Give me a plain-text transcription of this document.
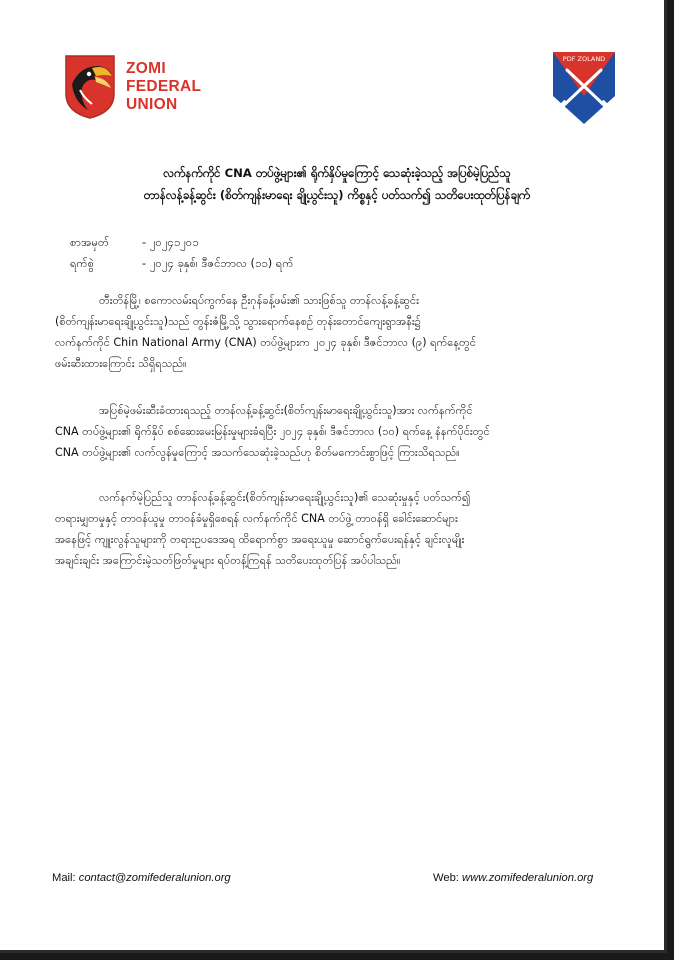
ZOMI
FEDERAL
UNION
PDF ZOLAND
လက်နက်ကိုင် CNA တပ်ဖွဲ့များ၏ ရိုက်နှိပ်မှုကြောင့် သေဆုံးခဲ့သည့် အပြစ်မဲ့ပြည်သူ
တာန်လန့်ခန့်ဆွင်း (စိတ်ကျန်းမာရေး ချို့ယွင်းသူ) ကိစ္စနှင့် ပတ်သက်၍ သတိပေးထုတ်ပြန်ချက်
စာအမှတ်	- ၂၀၂၄၁၂၀၁
ရက်စွဲ	- ၂၀၂၄ ခုနှစ်၊ ဒီဇင်ဘာလ (၁၁) ရက်
တီးတိန်မြို့၊ စကောလမ်းရပ်ကွက်နေ ဦးဂုန်ခန့်ဖမ်း၏ သားဖြစ်သူ တာန်လန့်ခန့်ဆွင်း
(စိတ်ကျန်းမာရေးချို့ယွင်းသူ)သည် တွန်းဇံမြို့သို့ သွားရောက်နေစဉ် တုန်းတောင်ကျေးရွာအနီး၌
လက်နက်ကိုင် Chin National Army (CNA) တပ်ဖွဲ့များက ၂၀၂၄ ခုနှစ်၊ ဒီဇင်ဘာလ (၉) ရက်နေ့တွင်
ဖမ်းဆီးထားကြောင်း သိရှိရသည်။
အပြစ်မဲ့ဖမ်းဆီးခံထားရသည့် တာန်လန့်ခန့်ဆွင်း(စိတ်ကျန်းမာရေးချို့ယွင်းသူ)အား လက်နက်ကိုင်
CNA တပ်ဖွဲ့များ၏ ရိုက်နှိပ် စစ်ဆေးမေးမြန်းမှုများခံရပြီး ၂၀၂၄ ခုနှစ်၊ ဒီဇင်ဘာလ (၁၀) ရက်နေ့ နံနက်ပိုင်းတွင်
CNA တပ်ဖွဲ့များ၏ လက်လွန်မှုကြောင့် အသက်သေဆုံးခဲ့သည်ဟု စိတ်မကောင်းစွာဖြင့် ကြားသိရသည်။
လက်နက်မဲ့ပြည်သူ တာန်လန့်ခန့်ဆွင်း(စိတ်ကျန်းမာရေးချို့ယွင်းသူ)၏ သေဆုံးမှုနှင့် ပတ်သက်၍
တရားမျှတမှုနှင့် တာဝန်ယူမှု တာဝန်ခံမှုရှိစေရန် လက်နက်ကိုင် CNA တပ်ဖွဲ့ တာဝန်ရှိ ခေါင်းဆောင်များ
အနေဖြင့် ကျူးလွန်သူများကို တရားဥပဒေအရ ထိရောက်စွာ အရေးယူမှု ဆောင်ရွက်ပေးရန်နှင့် ချင်းလူမျိုး
အချင်းချင်း အကြောင်းမဲ့သတ်ဖြတ်မှုများ ရပ်တန့်ကြရန် သတိပေးထုတ်ပြန် အပ်ပါသည်။
Mail: contact@zomifederalunion.org	Web: www.zomifederalunion.org
